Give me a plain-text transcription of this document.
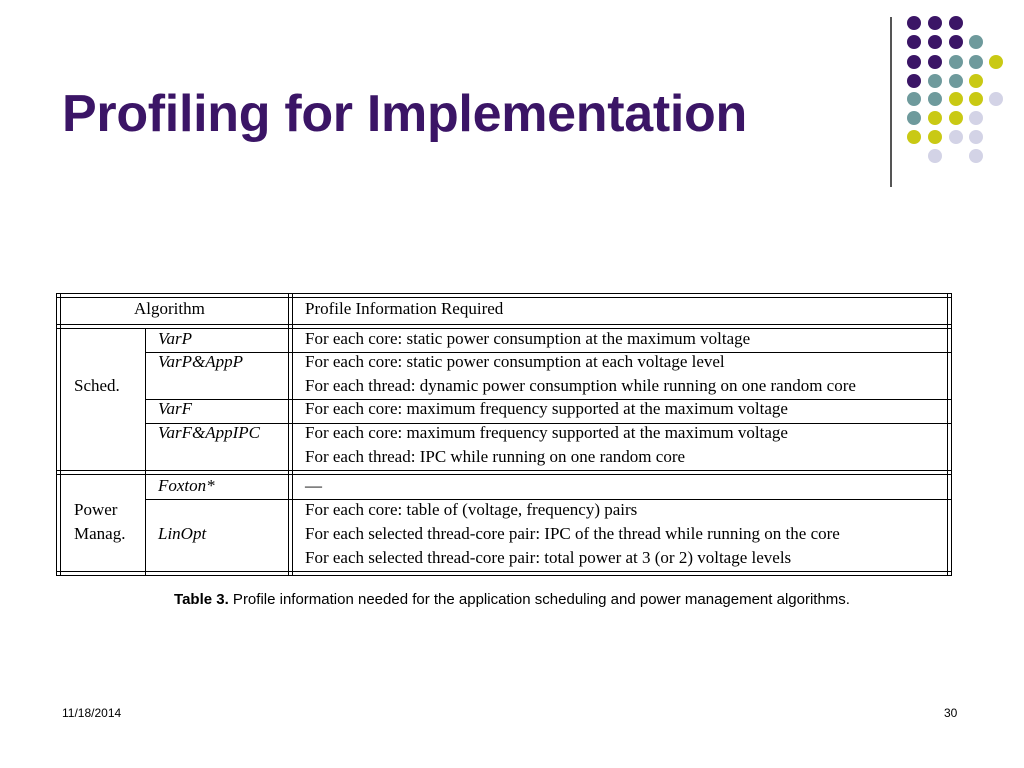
Profiling for Implementation
Algorithm	Profile Information Required
Sched.
Power
Manag.
VarP
VarP&AppP
VarF
VarF&AppIPC
Foxton*
LinOpt
For each core: static power consumption at the maximum voltage
For each core: static power consumption at each voltage level
For each thread: dynamic power consumption while running on one random core
For each core: maximum frequency supported at the maximum voltage
For each core: maximum frequency supported at the maximum voltage
For each thread: IPC while running on one random core
—
For each core: table of (voltage, frequency) pairs
For each selected thread-core pair: IPC of the thread while running on the core
For each selected thread-core pair: total power at 3 (or 2) voltage levels
Table 3. Profile information needed for the application scheduling and power management algorithms.
11/18/2014	30
